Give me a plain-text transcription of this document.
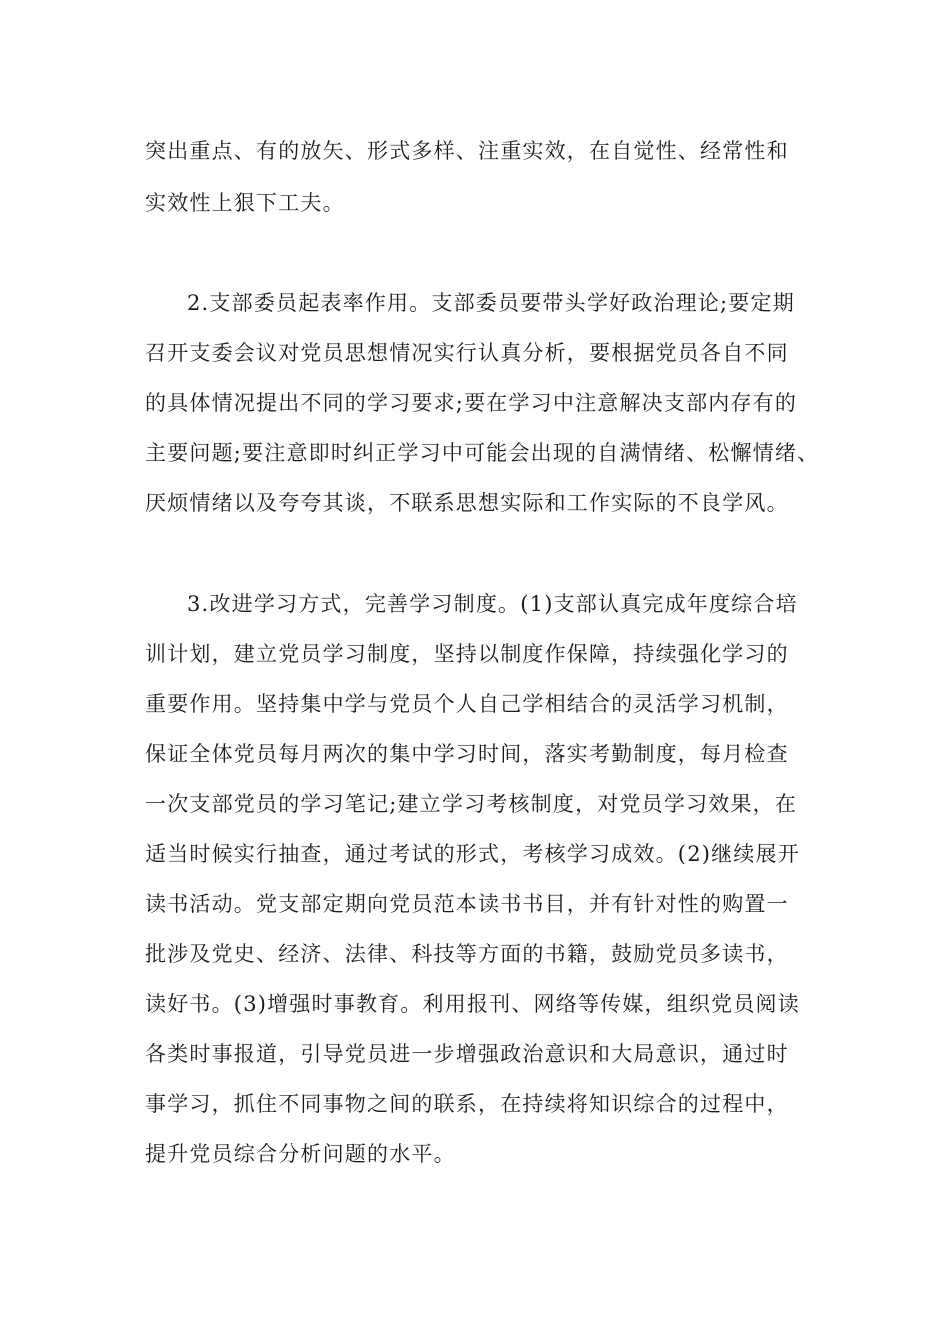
突出重点、有的放矢、形式多样、注重实效，在自觉性、经常性和
实效性上狠下工夫。
2.支部委员起表率作用。支部委员要带头学好政治理论;要定期
召开支委会议对党员思想情况实行认真分析，要根据党员各自不同
的具体情况提出不同的学习要求;要在学习中注意解决支部内存有的
主要问题;要注意即时纠正学习中可能会出现的自满情绪、松懈情绪、
厌烦情绪以及夸夸其谈，不联系思想实际和工作实际的不良学风。
3.改进学习方式，完善学习制度。(1)支部认真完成年度综合培
训计划，建立党员学习制度，坚持以制度作保障，持续强化学习的
重要作用。坚持集中学与党员个人自己学相结合的灵活学习机制，
保证全体党员每月两次的集中学习时间，落实考勤制度，每月检查
一次支部党员的学习笔记;建立学习考核制度，对党员学习效果，在
适当时候实行抽查，通过考试的形式，考核学习成效。(2)继续展开
读书活动。党支部定期向党员范本读书书目，并有针对性的购置一
批涉及党史、经济、法律、科技等方面的书籍，鼓励党员多读书，
读好书。(3)增强时事教育。利用报刊、网络等传媒，组织党员阅读
各类时事报道，引导党员进一步增强政治意识和大局意识，通过时
事学习，抓住不同事物之间的联系，在持续将知识综合的过程中，
提升党员综合分析问题的水平。
